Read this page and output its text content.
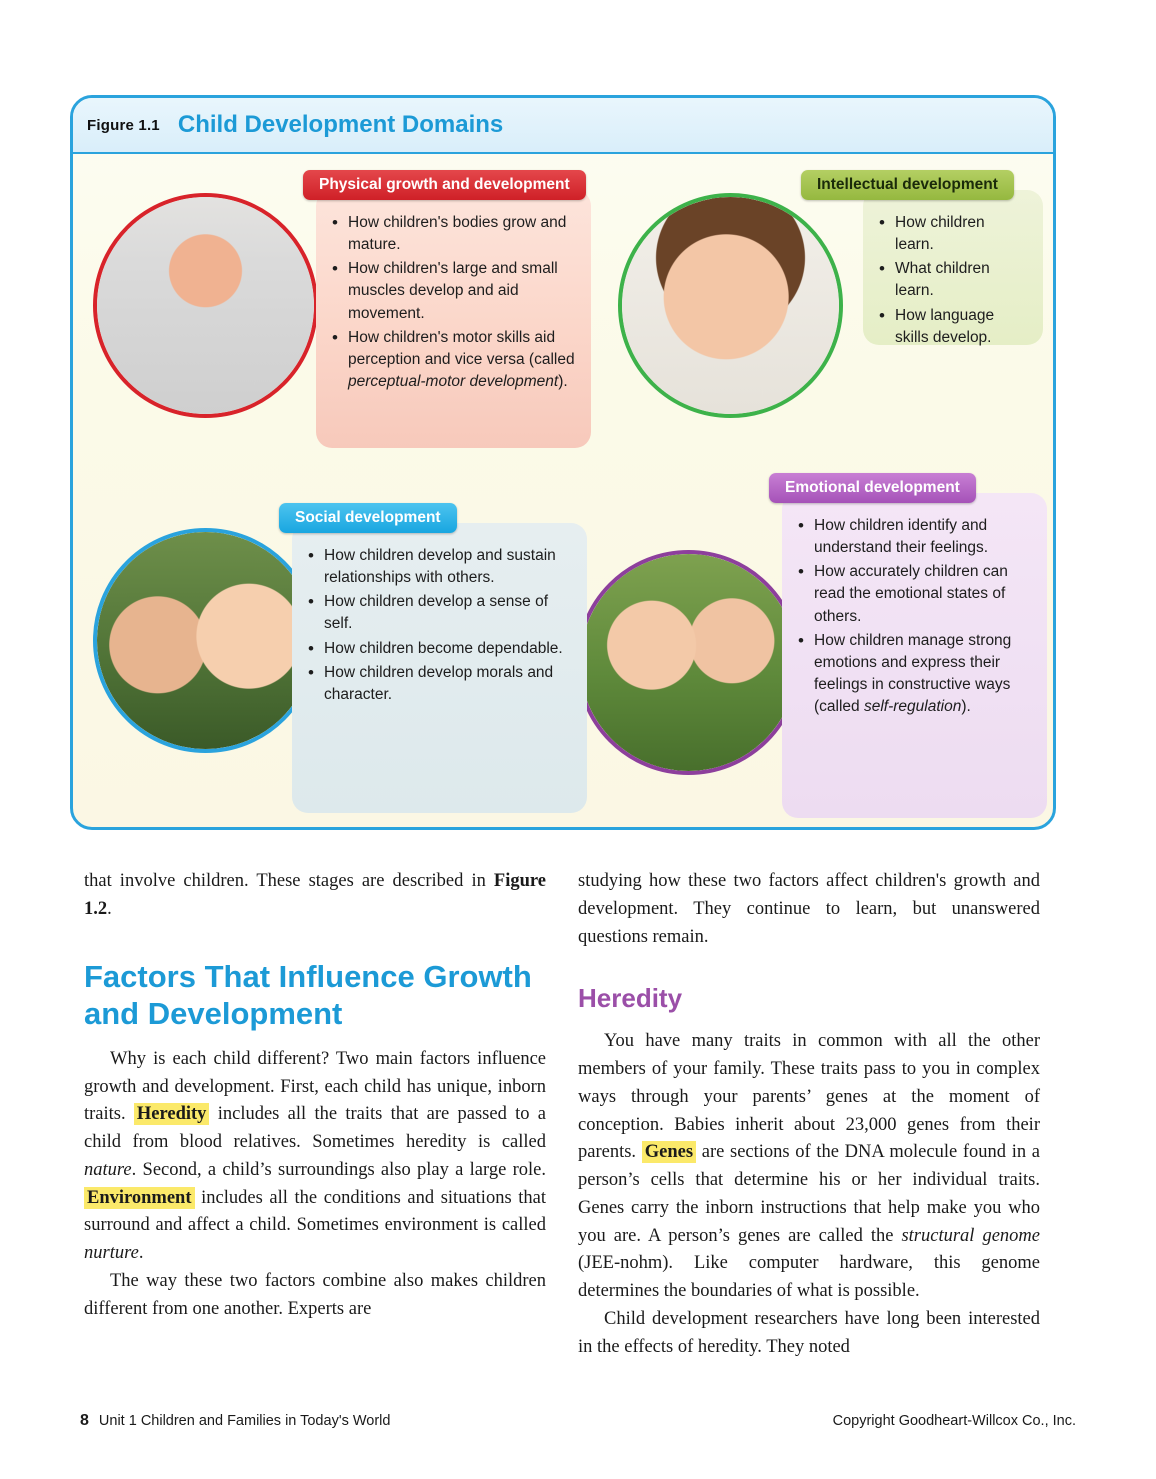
Figure 1.1 Child Development Domains
• How children's bodies grow and mature.
• How children's large and small muscles develop and aid movement.
• How children's motor skills aid perception and vice versa (called perceptual-motor development).
Physical growth and development
• How children learn.
• What children learn.
• How language skills develop.
Intellectual development
• How children develop and sustain relationships with others.
• How children develop a sense of self.
• How children become dependable.
• How children develop morals and character.
Social development	• How children identify and understand their feelings.
• How accurately children can read the emotional states of others.
• How children manage strong emotions and express their feelings in constructive ways (called self-regulation).
Emotional development

that involve children. These stages are described in Figure 1.2.

Factors That Influence Growth and Development

Why is each child different? Two main factors influence growth and development. First, each child has unique, inborn traits. Heredity includes all the traits that are passed to a child from blood relatives. Sometimes heredity is called nature. Second, a child’s surroundings also play a large role. Environment includes all the conditions and situations that surround and affect a child. Sometimes environment is called nurture.

The way these two factors combine also makes children different from one another. Experts are

studying how these two factors affect children's growth and development. They continue to learn, but unanswered questions remain.

Heredity

You have many traits in common with all the other members of your family. These traits pass to you in complex ways through your parents’ genes at the moment of conception. Babies inherit about 23,000 genes from their parents. Genes are sections of the DNA molecule found in a person’s cells that determine his or her individual traits. Genes carry the inborn instructions that help make you who you are. A person’s genes are called the structural genome (JEE-nohm). Like computer hardware, this genome determines the boundaries of what is possible.

Child development researchers have long been interested in the effects of heredity. They noted

8 Unit 1 Children and Families in Today's World	Copyright Goodheart-Willcox Co., Inc.
